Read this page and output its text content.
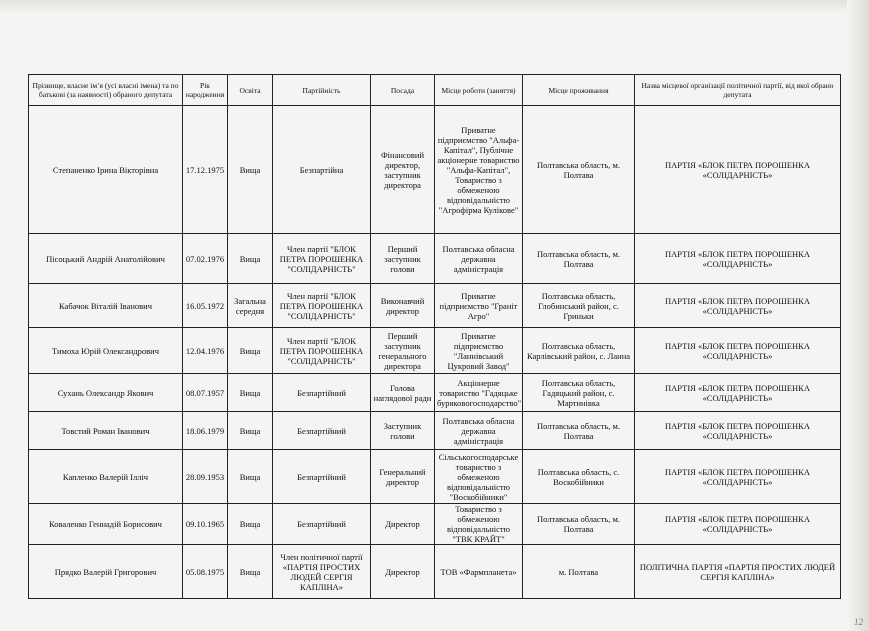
12
Прізвище, власне ім’я (усі власні імена) та по батькові (за наявності) обраного депутата	Рік народження	Освіта	Партійність	Посада	Місце роботи (заняття)	Місце проживання	Назва місцевої організації політичної партії, від якої обрано депутата
Степаненко Ірина Вікторівна	17.12.1975	Вища	Безпартійна	Фінансовий директор, заступник директора	Приватне підприємство "Альфа-Капітал", Публічне акціонерне товариство "Альфа-Капітал", Товариство з обмеженою відповідальністю "Агрофірма Кулікове"	Полтавська область, м. Полтава	ПАРТІЯ «БЛОК ПЕТРА ПОРОШЕНКА «СОЛІДАРНІСТЬ»
Пісоцький Андрій Анатолійович	07.02.1976	Вища	Член партії "БЛОК ПЕТРА ПОРОШЕНКА "СОЛІДАРНІСТЬ"	Перший заступник голови	Полтавська обласна державна адміністрація	Полтавська область, м. Полтава	ПАРТІЯ «БЛОК ПЕТРА ПОРОШЕНКА «СОЛІДАРНІСТЬ»
Кабачок Віталій Іванович	16.05.1972	Загальна середня	Член партії "БЛОК ПЕТРА ПОРОШЕНКА "СОЛІДАРНІСТЬ"	Виконавчий директор	Приватне підприємство "Граніт Агро"	Полтавська область, Глобинський район, с. Гриньки	ПАРТІЯ «БЛОК ПЕТРА ПОРОШЕНКА «СОЛІДАРНІСТЬ»
Тимоха Юрій Олександрович	12.04.1976	Вища	Член партії "БЛОК ПЕТРА ПОРОШЕНКА "СОЛІДАРНІСТЬ"	Перший заступник генерального директора	Приватне підприємство "Ланнівський Цукровий Завод"	Полтавська область, Карлівський район, с. Ланна	ПАРТІЯ «БЛОК ПЕТРА ПОРОШЕНКА «СОЛІДАРНІСТЬ»
Сухань Олександр Якович	08.07.1957	Вища	Безпартійний	Голова наглядової ради	Акціонерне товариство "Гадяцьке буряковогосподарство"	Полтавська область, Гадяцький район, с. Мартинівка	ПАРТІЯ «БЛОК ПЕТРА ПОРОШЕНКА «СОЛІДАРНІСТЬ»
Товстий Роман Іванович	18.06.1979	Вища	Безпартійний	Заступник голови	Полтавська обласна державна адміністрація	Полтавська область, м. Полтава	ПАРТІЯ «БЛОК ПЕТРА ПОРОШЕНКА «СОЛІДАРНІСТЬ»
Капленко Валерій Ілліч	28.09.1953	Вища	Безпартійний	Генеральний директор	Сільськогосподарське товариство з обмеженою відповідальністю "Воскобійники"	Полтавська область, с. Воскобійники	ПАРТІЯ «БЛОК ПЕТРА ПОРОШЕНКА «СОЛІДАРНІСТЬ»
Коваленко Геннадій Борисович	09.10.1965	Вища	Безпартійний	Директор	Товариство з обмеженою відповідальністю "ТВК КРАЙТ"	Полтавська область, м. Полтава	ПАРТІЯ «БЛОК ПЕТРА ПОРОШЕНКА «СОЛІДАРНІСТЬ»
Прядко Валерій Григорович	05.08.1975	Вища	Член політичної партії «ПАРТІЯ ПРОСТИХ ЛЮДЕЙ СЕРГІЯ КАПЛІНА»	Директор	ТОВ «Фармпланета»	м. Полтава	ПОЛІТИЧНА ПАРТІЯ «ПАРТІЯ ПРОСТИХ ЛЮДЕЙ СЕРГІЯ КАПЛІНА»
